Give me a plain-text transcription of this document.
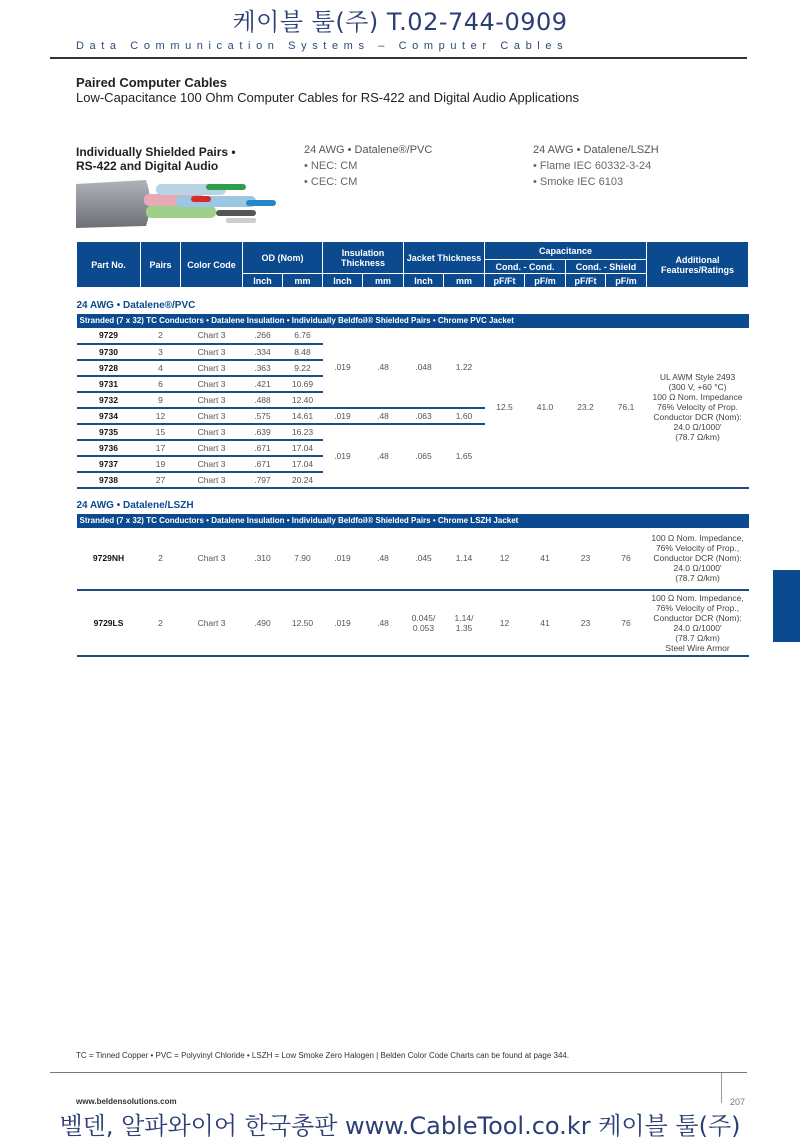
케이블 툴(주) T.02-744-0909
Data Communication Systems – Computer Cables
Paired Computer Cables
Low-Capacitance 100 Ohm Computer Cables for RS-422 and Digital Audio Applications
Individually Shielded Pairs •
RS-422 and Digital Audio
24 AWG • Datalene®/PVC
• NEC: CM
• CEC: CM
24 AWG • Datalene/LSZH
• Flame IEC 60332-3-24
• Smoke IEC 6103
Part No.	Pairs	Color Code	OD (Nom)		Insulation Thickness		Jacket Thickness		Capacitance				Additional Features/Ratings
									Cond. - Cond.		Cond. - Shield		
			Inch	mm	Inch	mm	Inch	mm	pF/Ft	pF/m	pF/Ft	pF/m	
24 AWG • Datalene®/PVC													
Stranded (7 x 32) TC Conductors • Datalene Insulation • Individually Beldfoil® Shielded Pairs • Chrome PVC Jacket													
9729	2	Chart 3	.266	6.76	.019	.48	.048	1.22	12.5	41.0	23.2	76.1	
UL AWM Style 2493
(300 V, +60 °C)
100 Ω Nom. Impedance
76% Velocity of Prop.
Conductor DCR (Nom):
24.0 Ω/1000'
(78.7 Ω/km)

9730	3	Chart 3	.334	8.48									
9728	4	Chart 3	.363	9.22									
9731	6	Chart 3	.421	10.69									
9732	9	Chart 3	.488	12.40									
9734	12	Chart 3	.575	14.61	.019	.48	.063	1.60					
9735	15	Chart 3	.639	16.23	.019	.48	.065	1.65					
9736	17	Chart 3	.671	17.04									
9737	19	Chart 3	.671	17.04									
9738	27	Chart 3	.797	20.24									
24 AWG • Datalene/LSZH													
Stranded (7 x 32) TC Conductors • Datalene Insulation • Individually Beldfoil® Shielded Pairs • Chrome LSZH Jacket													
9729NH	2	Chart 3	.310	7.90	.019	.48	.045	1.14	12	41	23	76	100 Ω Nom. Impedance,
76% Velocity of Prop.,
Conductor DCR (Nom):
24.0 Ω/1000'
(78.7 Ω/km)

9729LS	2	Chart 3	.490	12.50	.019	.48	0.045/ 0.053	1.14/ 1.35	12	41	23	76	
100 Ω Nom. Impedance,
76% Velocity of Prop.,
Conductor DCR (Nom):
24.0 Ω/1000'
(78.7 Ω/km)
Steel Wire Armor
TC = Tinned Copper • PVC = Polyvinyl Chloride • LSZH = Low Smoke Zero Halogen | Belden Color Code Charts can be found at page 344.
www.beldensolutions.com	207
벨덴, 알파와이어 한국총판 www.CableTool.co.kr 케이블 툴(주)
